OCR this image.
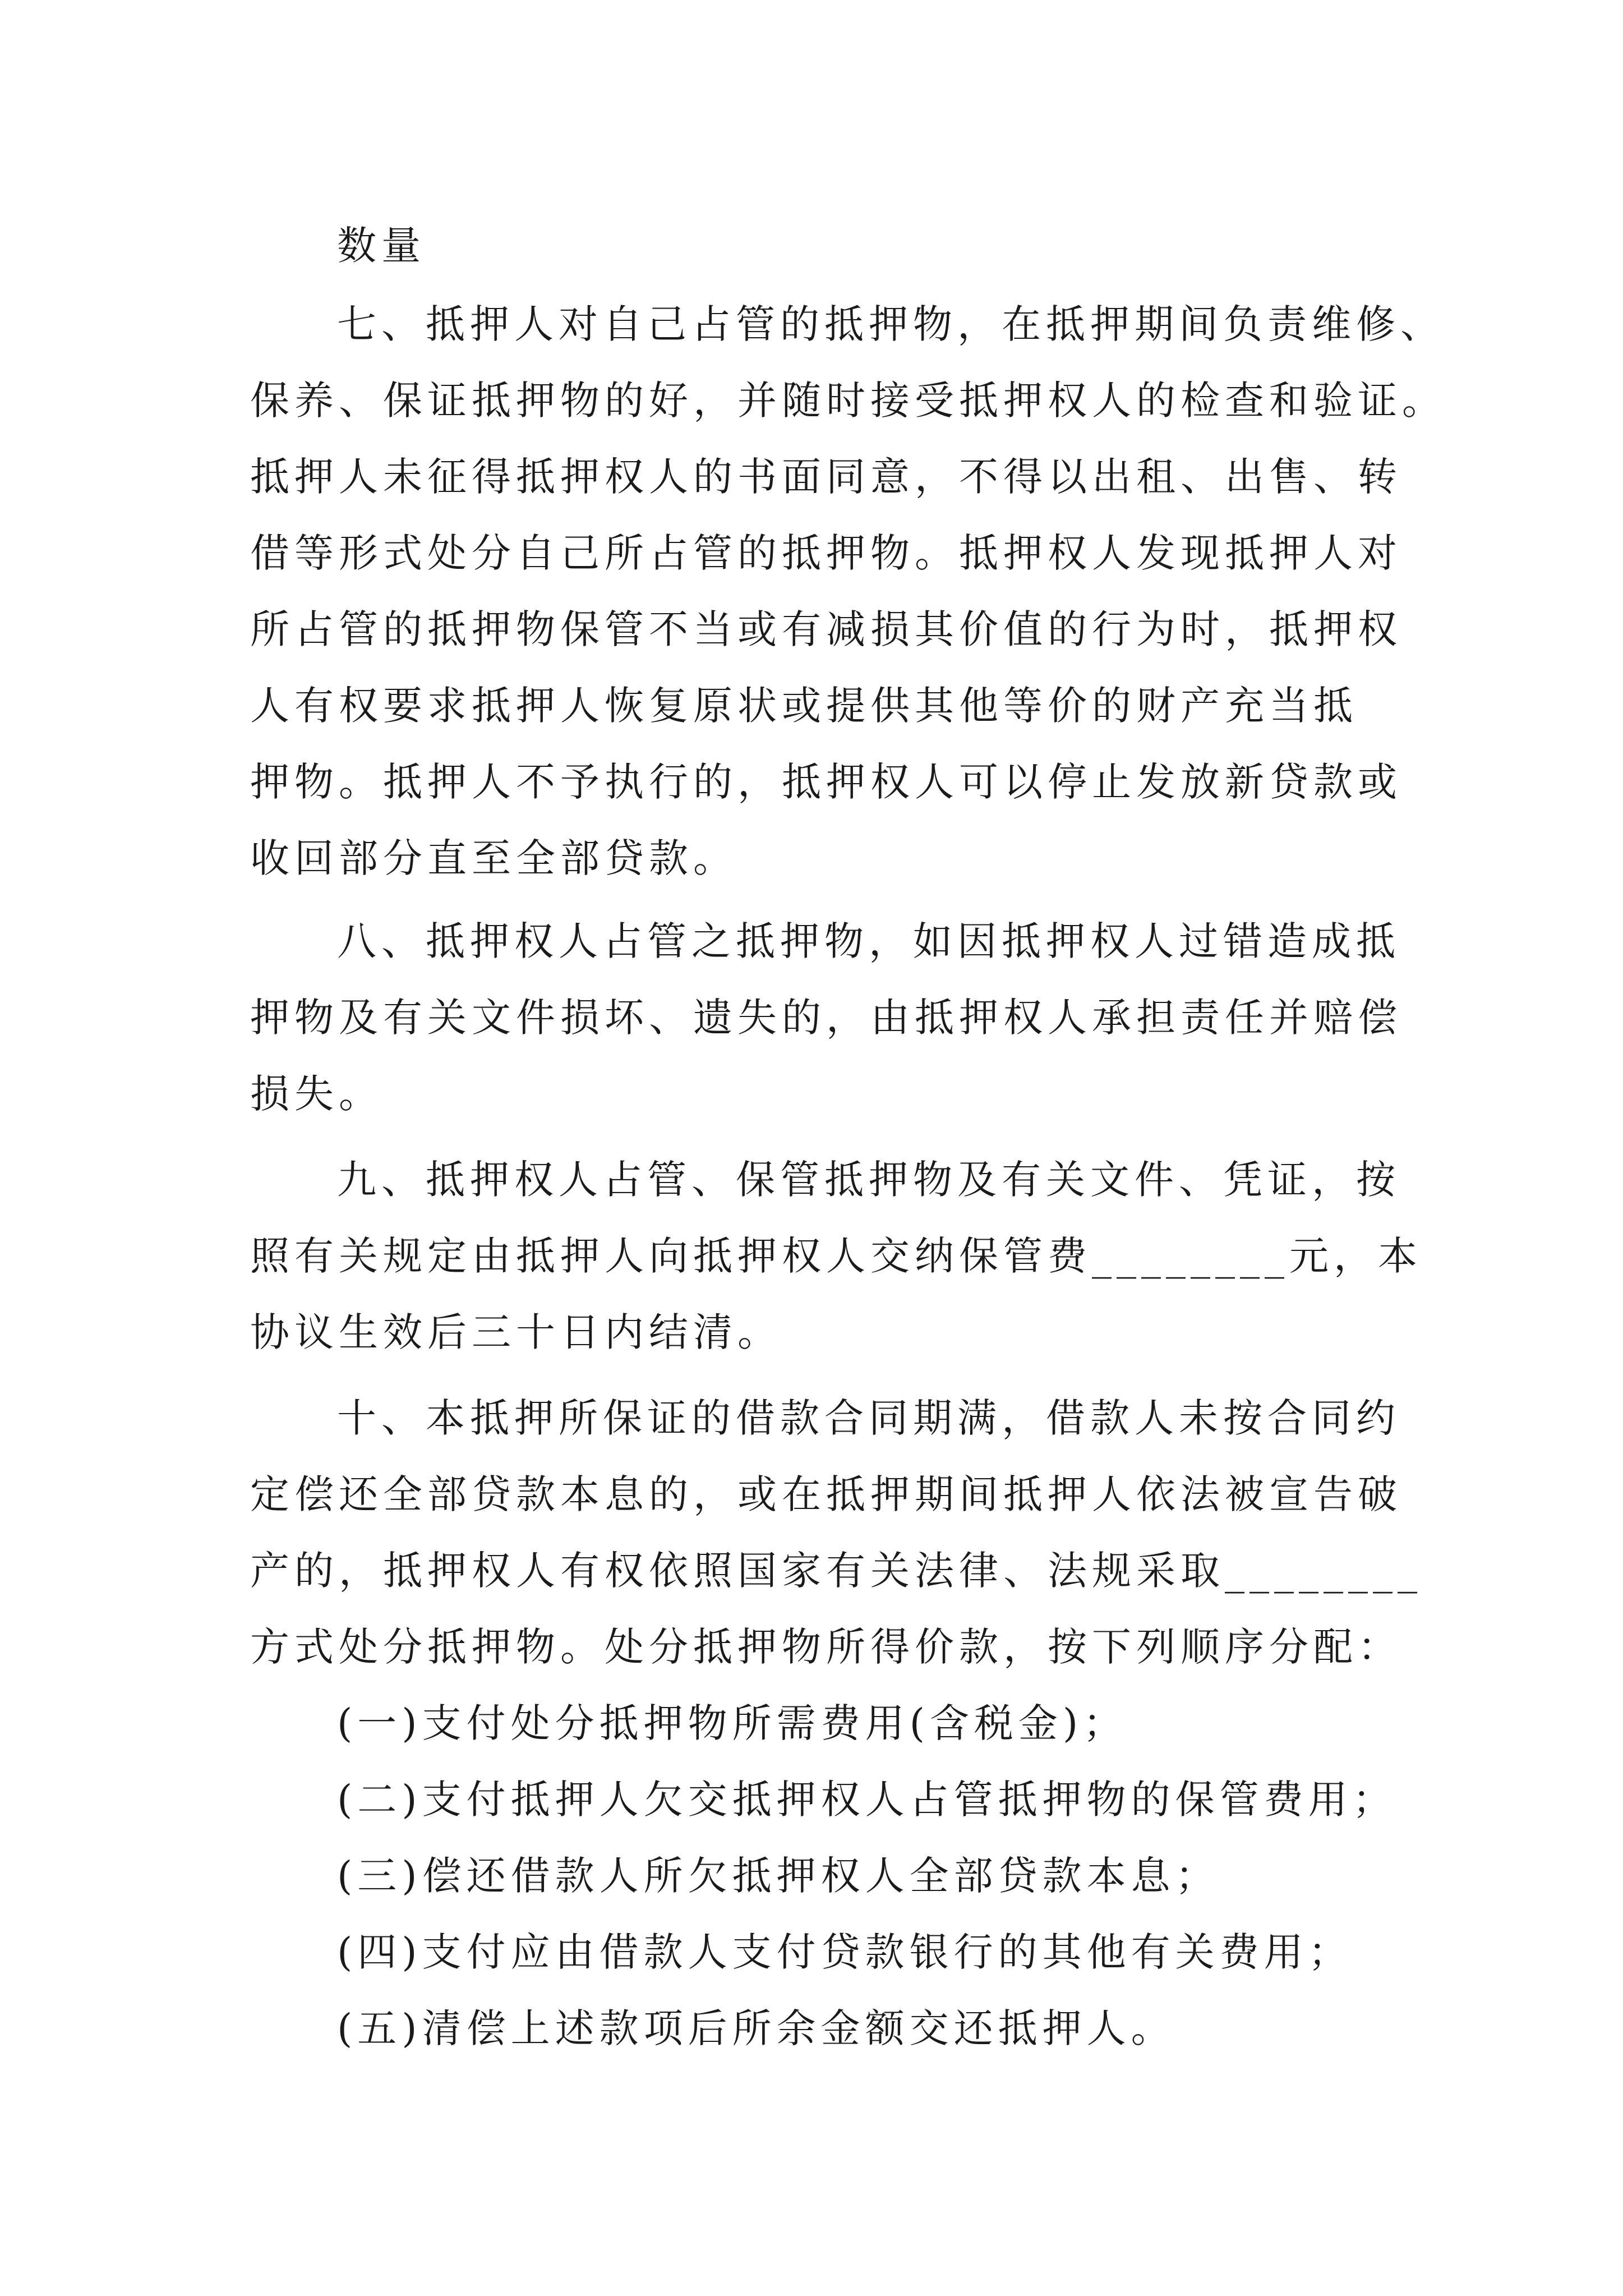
数量
七、抵押人对自己占管的抵押物，在抵押期间负责维修、
保养、保证抵押物的好，并随时接受抵押权人的检查和验证。
抵押人未征得抵押权人的书面同意，不得以出租、出售、转
借等形式处分自己所占管的抵押物。抵押权人发现抵押人对
所占管的抵押物保管不当或有减损其价值的行为时，抵押权
人有权要求抵押人恢复原状或提供其他等价的财产充当抵
押物。抵押人不予执行的，抵押权人可以停止发放新贷款或
收回部分直至全部贷款。
八、抵押权人占管之抵押物，如因抵押权人过错造成抵
押物及有关文件损坏、遗失的，由抵押权人承担责任并赔偿
损失。
九、抵押权人占管、保管抵押物及有关文件、凭证，按
照有关规定由抵押人向抵押权人交纳保管费________元，本
协议生效后三十日内结清。
十、本抵押所保证的借款合同期满，借款人未按合同约
定偿还全部贷款本息的，或在抵押期间抵押人依法被宣告破
产的，抵押权人有权依照国家有关法律、法规采取________
方式处分抵押物。处分抵押物所得价款，按下列顺序分配：
(一)支付处分抵押物所需费用(含税金)；
(二)支付抵押人欠交抵押权人占管抵押物的保管费用；
(三)偿还借款人所欠抵押权人全部贷款本息；
(四)支付应由借款人支付贷款银行的其他有关费用；
(五)清偿上述款项后所余金额交还抵押人。
